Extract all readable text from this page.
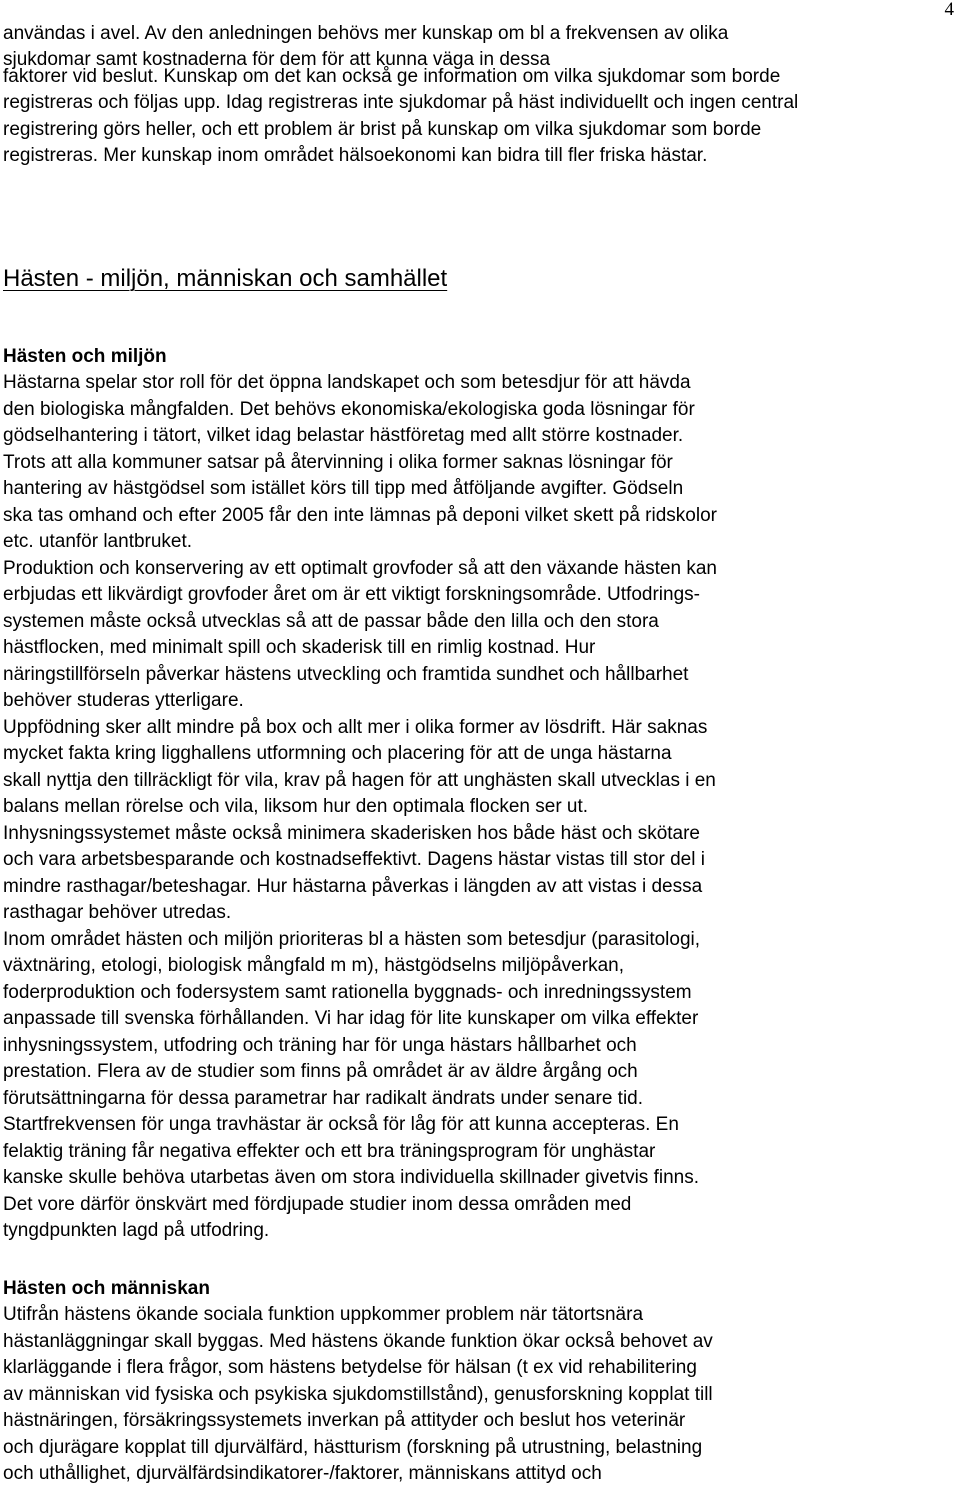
4
användas i avel. Av den anledningen behövs mer kunskap om bl a frekvensen av olika
sjukdomar samt kostnaderna för dem för att kunna väga in dessa
faktorer vid beslut. Kunskap om det kan också ge information om vilka sjukdomar som borde
registreras och följas upp. Idag registreras inte sjukdomar på häst individuellt och ingen central
registrering görs heller, och ett problem är brist på kunskap om vilka sjukdomar som borde
registreras. Mer kunskap inom området hälsoekonomi kan bidra till fler friska hästar.
Hästen - miljön, människan och samhället
Hästen och miljön
Hästarna spelar stor roll för det öppna landskapet och som betesdjur för att hävda
den biologiska mångfalden. Det behövs ekonomiska/ekologiska goda lösningar för
gödselhantering i tätort, vilket idag belastar hästföretag med allt större kostnader.
Trots att alla kommuner satsar på återvinning i olika former saknas lösningar för
hantering av hästgödsel som istället körs till tipp med åtföljande avgifter. Gödseln
ska tas omhand och efter 2005 får den inte lämnas på deponi vilket skett på ridskolor
etc. utanför lantbruket.
Produktion och konservering av ett optimalt grovfoder så att den växande hästen kan
erbjudas ett likvärdigt grovfoder året om är ett viktigt forskningsområde. Utfodrings-
systemen måste också utvecklas så att de passar både den lilla och den stora
hästflocken, med minimalt spill och skaderisk till en rimlig kostnad. Hur
näringstillförseln påverkar hästens utveckling och framtida sundhet och hållbarhet
behöver studeras ytterligare.
Uppfödning sker allt mindre på box och allt mer i olika former av lösdrift. Här saknas
mycket fakta kring ligghallens utformning och placering för att de unga hästarna
skall nyttja den tillräckligt för vila, krav på hagen för att unghästen skall utvecklas i en
balans mellan rörelse och vila, liksom hur den optimala flocken ser ut.
Inhysningssystemet måste också minimera skaderisken hos både häst och skötare
och vara arbetsbesparande och kostnadseffektivt. Dagens hästar vistas till stor del i
mindre rasthagar/beteshagar. Hur hästarna påverkas i längden av att vistas i dessa
rasthagar behöver utredas.
Inom området hästen och miljön prioriteras bl a hästen som betesdjur (parasitologi,
växtnäring, etologi, biologisk mångfald m m), hästgödselns miljöpåverkan,
foderproduktion och fodersystem samt rationella byggnads- och inredningssystem
anpassade till svenska förhållanden. Vi har idag för lite kunskaper om vilka effekter
inhysningssystem, utfodring och träning har för unga hästars hållbarhet och
prestation. Flera av de studier som finns på området är av äldre årgång och
förutsättningarna för dessa parametrar har radikalt ändrats under senare tid.
Startfrekvensen för unga travhästar är också för låg för att kunna accepteras. En
felaktig träning får negativa effekter och ett bra träningsprogram för unghästar
kanske skulle behöva utarbetas även om stora individuella skillnader givetvis finns.
Det vore därför önskvärt med fördjupade studier inom dessa områden med
tyngdpunkten lagd på utfodring.
Hästen och människan
Utifrån hästens ökande sociala funktion uppkommer problem när tätortsnära
hästanläggningar skall byggas. Med hästens ökande funktion ökar också behovet av
klarläggande i flera frågor, som hästens betydelse för hälsan (t ex vid rehabilitering
av människan vid fysiska och psykiska sjukdomstillstånd), genusforskning kopplat till
hästnäringen, försäkringssystemets inverkan på attityder och beslut hos veterinär
och djurägare kopplat till djurvälfärd, hästturism (forskning på utrustning, belastning
och uthållighet, djurvälfärdsindikatorer-/faktorer, människans attityd och
